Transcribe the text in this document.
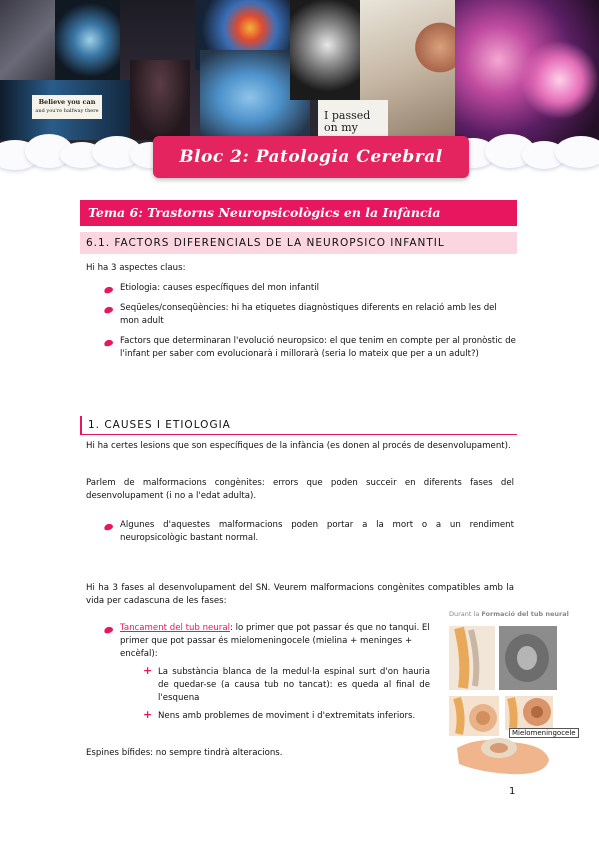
Believe you can
and you're halfway there	I passed
on my
Bloc 2: Patologia Cerebral
Tema 6: Trastorns Neuropsicològics en la Infància
6.1. FACTORS DIFERENCIALS DE LA NEUROPSICO INFANTIL
Hi ha 3 aspectes claus:
Etiologia: causes específiques del mon infantil
Seqüeles/conseqüències: hi ha etiquetes diagnòstiques diferents en relació amb les del mon adult
Factors que determinaran l'evolució neuropsico: el que tenim en compte per al pronòstic de l'infant per saber com evolucionarà i millorarà (seria lo mateix que per a un adult?)
1. CAUSES I ETIOLOGIA
Hi ha certes lesions que son específiques de la infància (es donen al procés de desenvolupament).
Parlem de malformacions congènites: errors que poden succeir en diferents fases del desenvolupament (i no a l'edat adulta).
Algunes d'aquestes malformacions poden portar a la mort o a un rendiment neuropsicològic bastant normal.
Hi ha 3 fases al desenvolupament del SN. Veurem malformacions congènites compatibles amb la vida per cadascuna de les fases:
Tancament del tub neural: lo primer que pot passar és que no tanqui. El primer que pot passar és mielomeningocele (mielina + meninges + encèfal):
+ La substància blanca de la medul·la espinal surt d'on hauria de quedar-se (a causa tub no tancat): es queda al final de l'esquena
+ Nens amb problemes de moviment i d'extremitats inferiors.
Espines bífides: no sempre tindrà alteracions.
Durant la Formació del tub neural
Mielomeningocele
1
